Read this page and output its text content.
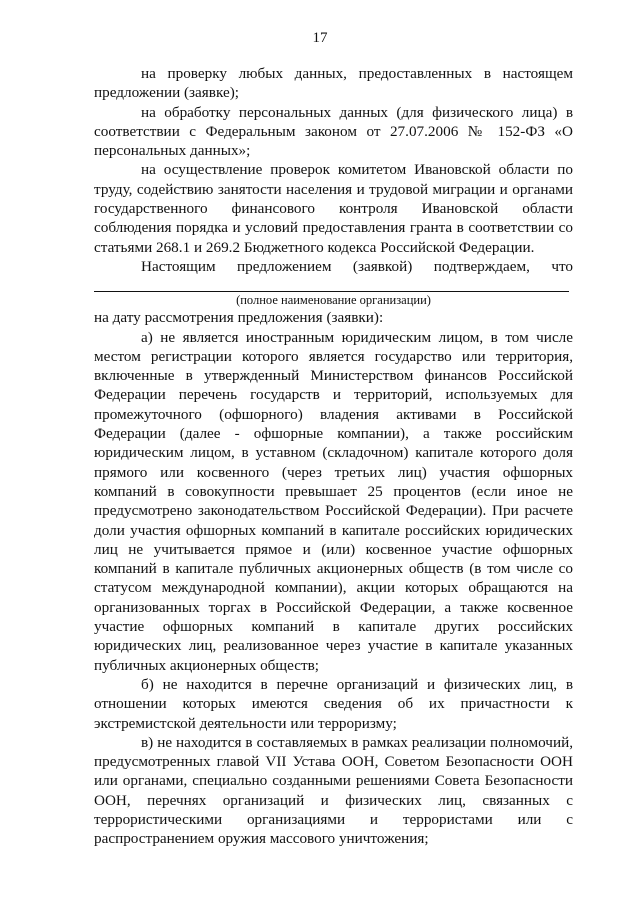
17

на проверку любых данных, предоставленных в настоящем предложении (заявке);

на обработку персональных данных (для физического лица) в соответствии с Федеральным законом от 27.07.2006 № 152-ФЗ «О персональных данных»;

на осуществление проверок комитетом Ивановской области по труду, содействию занятости населения и трудовой миграции и органами государственного финансового контроля Ивановской области соблюдения порядка и условий предоставления гранта в соответствии со статьями 268.1 и 269.2 Бюджетного кодекса Российской Федерации.

Настоящим предложением (заявкой) подтверждаем, что

(полное наименование организации)

на дату рассмотрения предложения (заявки):

а) не является иностранным юридическим лицом, в том числе местом регистрации которого является государство или территория, включенные в утвержденный Министерством финансов Российской Федерации перечень государств и территорий, используемых для промежуточного (офшорного) владения активами в Российской Федерации (далее - офшорные компании), а также российским юридическим лицом, в уставном (складочном) капитале которого доля прямого или косвенного (через третьих лиц) участия офшорных компаний в совокупности превышает 25 процентов (если иное не предусмотрено законодательством Российской Федерации). При расчете доли участия офшорных компаний в капитале российских юридических лиц не учитывается прямое и (или) косвенное участие офшорных компаний в капитале публичных акционерных обществ (в том числе со статусом международной компании), акции которых обращаются на организованных торгах в Российской Федерации, а также косвенное участие офшорных компаний в капитале других российских юридических лиц, реализованное через участие в капитале указанных публичных акционерных обществ;

б) не находится в перечне организаций и физических лиц, в отношении которых имеются сведения об их причастности к экстремистской деятельности или терроризму;

в) не находится в составляемых в рамках реализации полномочий, предусмотренных главой VII Устава ООН, Советом Безопасности ООН или органами, специально созданными решениями Совета Безопасности ООН, перечнях организаций и физических лиц, связанных с террористическими организациями и террористами или с распространением оружия массового уничтожения;
